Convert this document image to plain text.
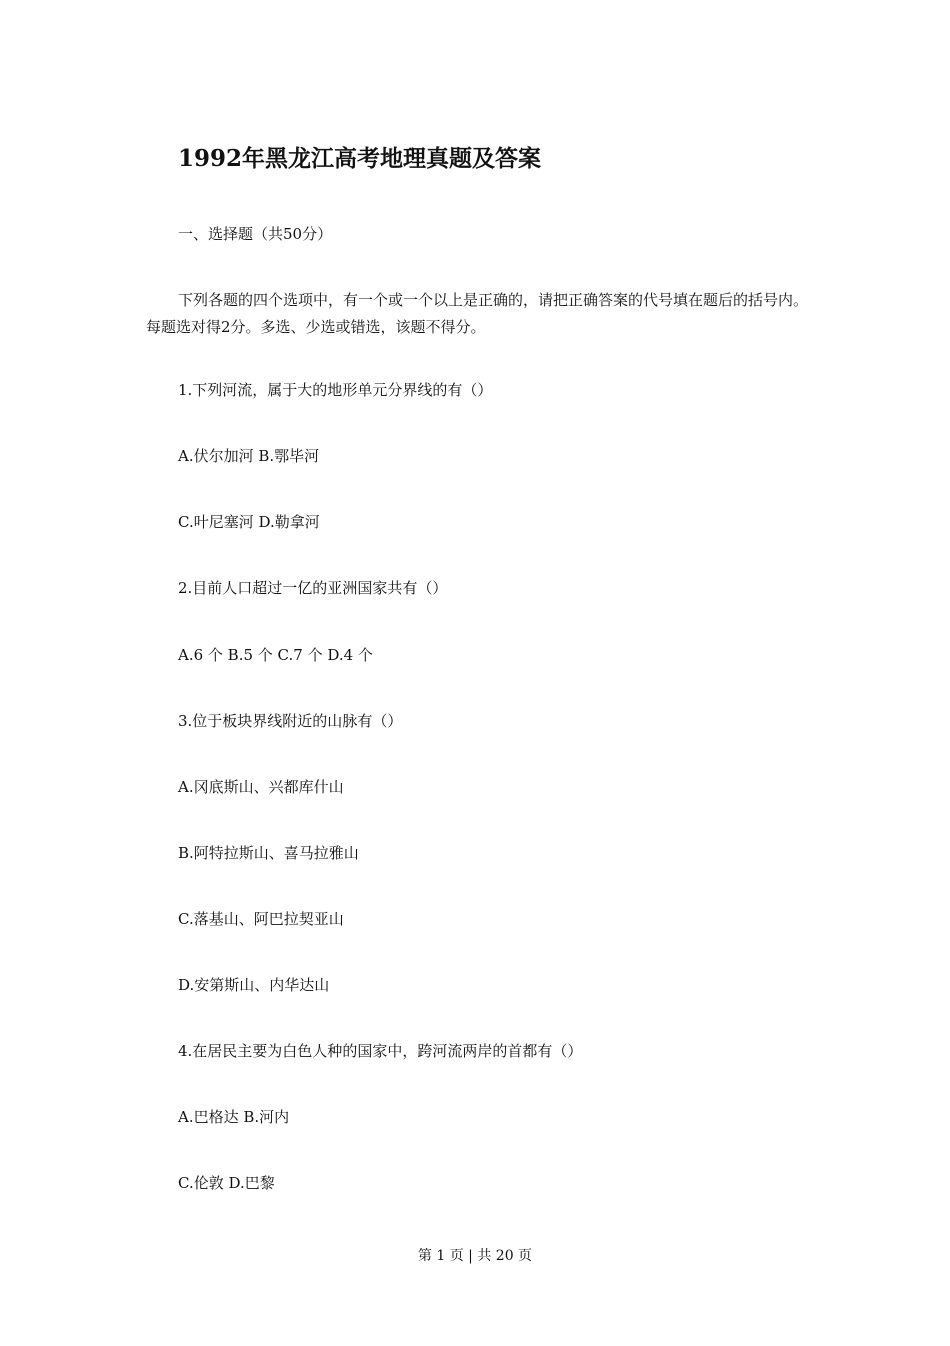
1992年黑龙江高考地理真题及答案
一、选择题（共50分）
下列各题的四个选项中，有一个或一个以上是正确的，请把正确答案的代号填在题后的括号内。每题选对得2分。多选、少选或错选，该题不得分。
1.下列河流，属于大的地形单元分界线的有（）
A.伏尔加河 B.鄂毕河
C.叶尼塞河 D.勒拿河
2.目前人口超过一亿的亚洲国家共有（）
A.6 个 B.5 个 C.7 个 D.4 个
3.位于板块界线附近的山脉有（）
A.冈底斯山、兴都库什山
B.阿特拉斯山、喜马拉雅山
C.落基山、阿巴拉契亚山
D.安第斯山、内华达山
4.在居民主要为白色人种的国家中，跨河流两岸的首都有（）
A.巴格达 B.河内
C.伦敦 D.巴黎
第 1 页 | 共 20 页
